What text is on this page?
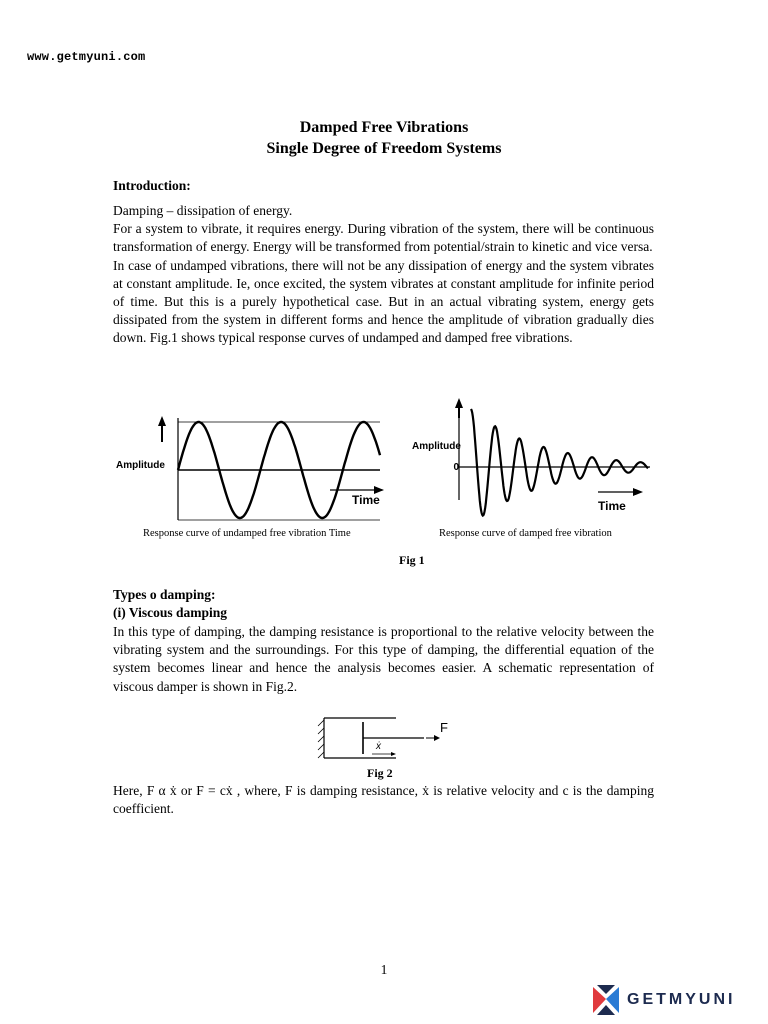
www.getmyuni.com
Damped Free Vibrations
Single Degree of Freedom Systems
Introduction:

Damping – dissipation of energy.

For a system to vibrate, it requires energy. During vibration of the system, there will be continuous transformation of energy. Energy will be transformed from potential/strain to kinetic and vice versa.

In case of undamped vibrations, there will not be any dissipation of energy and the system vibrates at constant amplitude. Ie, once excited, the system vibrates at constant amplitude for infinite period of time. But this is a purely hypothetical case. But in an actual vibrating system, energy gets dissipated from the system in different forms and hence the amplitude of vibration gradually dies down. Fig.1 shows typical response curves of undamped and damped free vibrations.

Amplitude
Time
Response curve of undamped free vibration Time
Amplitude
0
Time
Response curve of damped free vibration
Fig 1
Types o damping:
(i) Viscous damping
In this type of damping, the damping resistance is proportional to the relative velocity between the vibrating system and the surroundings. For this type of damping, the differential equation of the system becomes linear and hence the analysis becomes easier. A schematic representation of viscous damper is shown in Fig.2.
F
ẋ
Fig 2
Here, F α ẋ or F = cẋ , where, F is damping resistance, ẋ is relative velocity and c is the damping coefficient.
1
GETMYUNI
